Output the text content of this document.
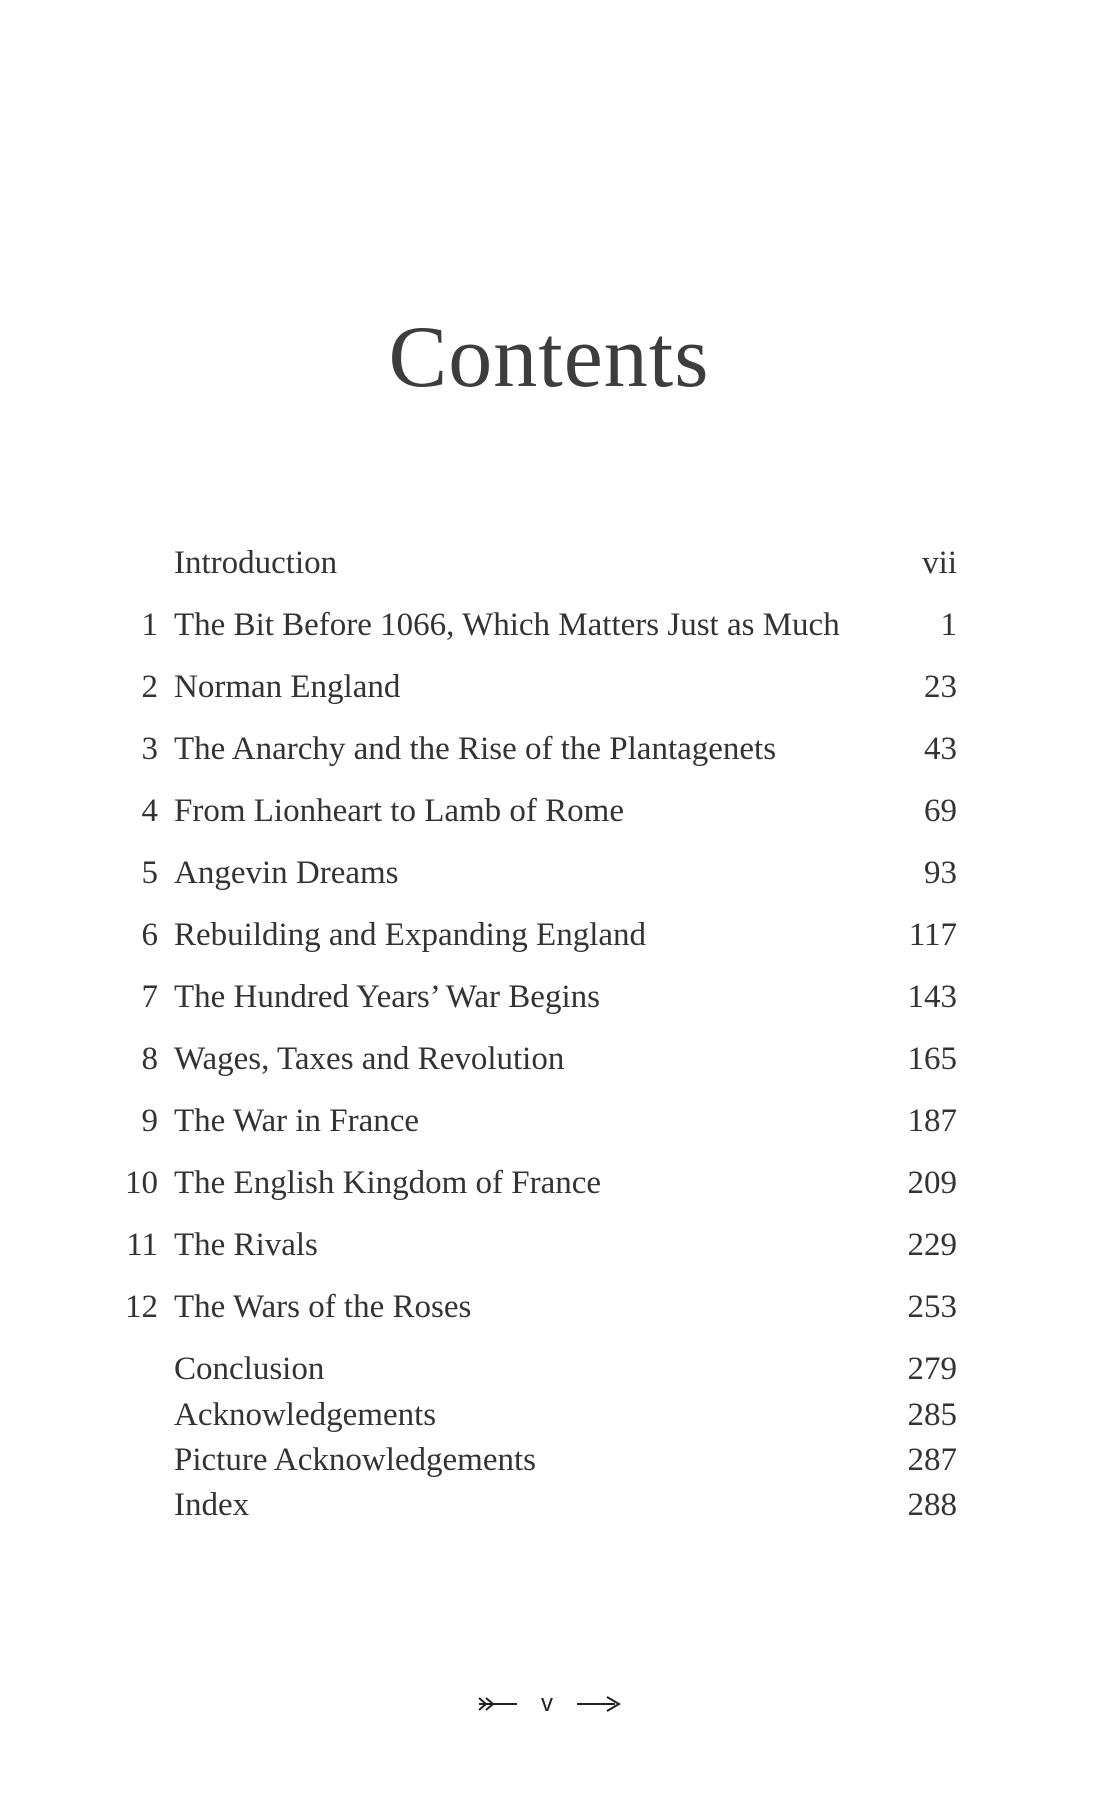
Contents
Introduction	vii
1 The Bit Before 1066, Which Matters Just as Much	1
2 Norman England	23
3 The Anarchy and the Rise of the Plantagenets	43
4 From Lionheart to Lamb of Rome	69
5 Angevin Dreams	93
6 Rebuilding and Expanding England	117
7 The Hundred Years’ War Begins	143
8 Wages, Taxes and Revolution	165
9 The War in France	187
10 The English Kingdom of France	209
11 The Rivals	229
12 The Wars of the Roses	253
Conclusion	279
Acknowledgements	285
Picture Acknowledgements	287
Index	288
v
